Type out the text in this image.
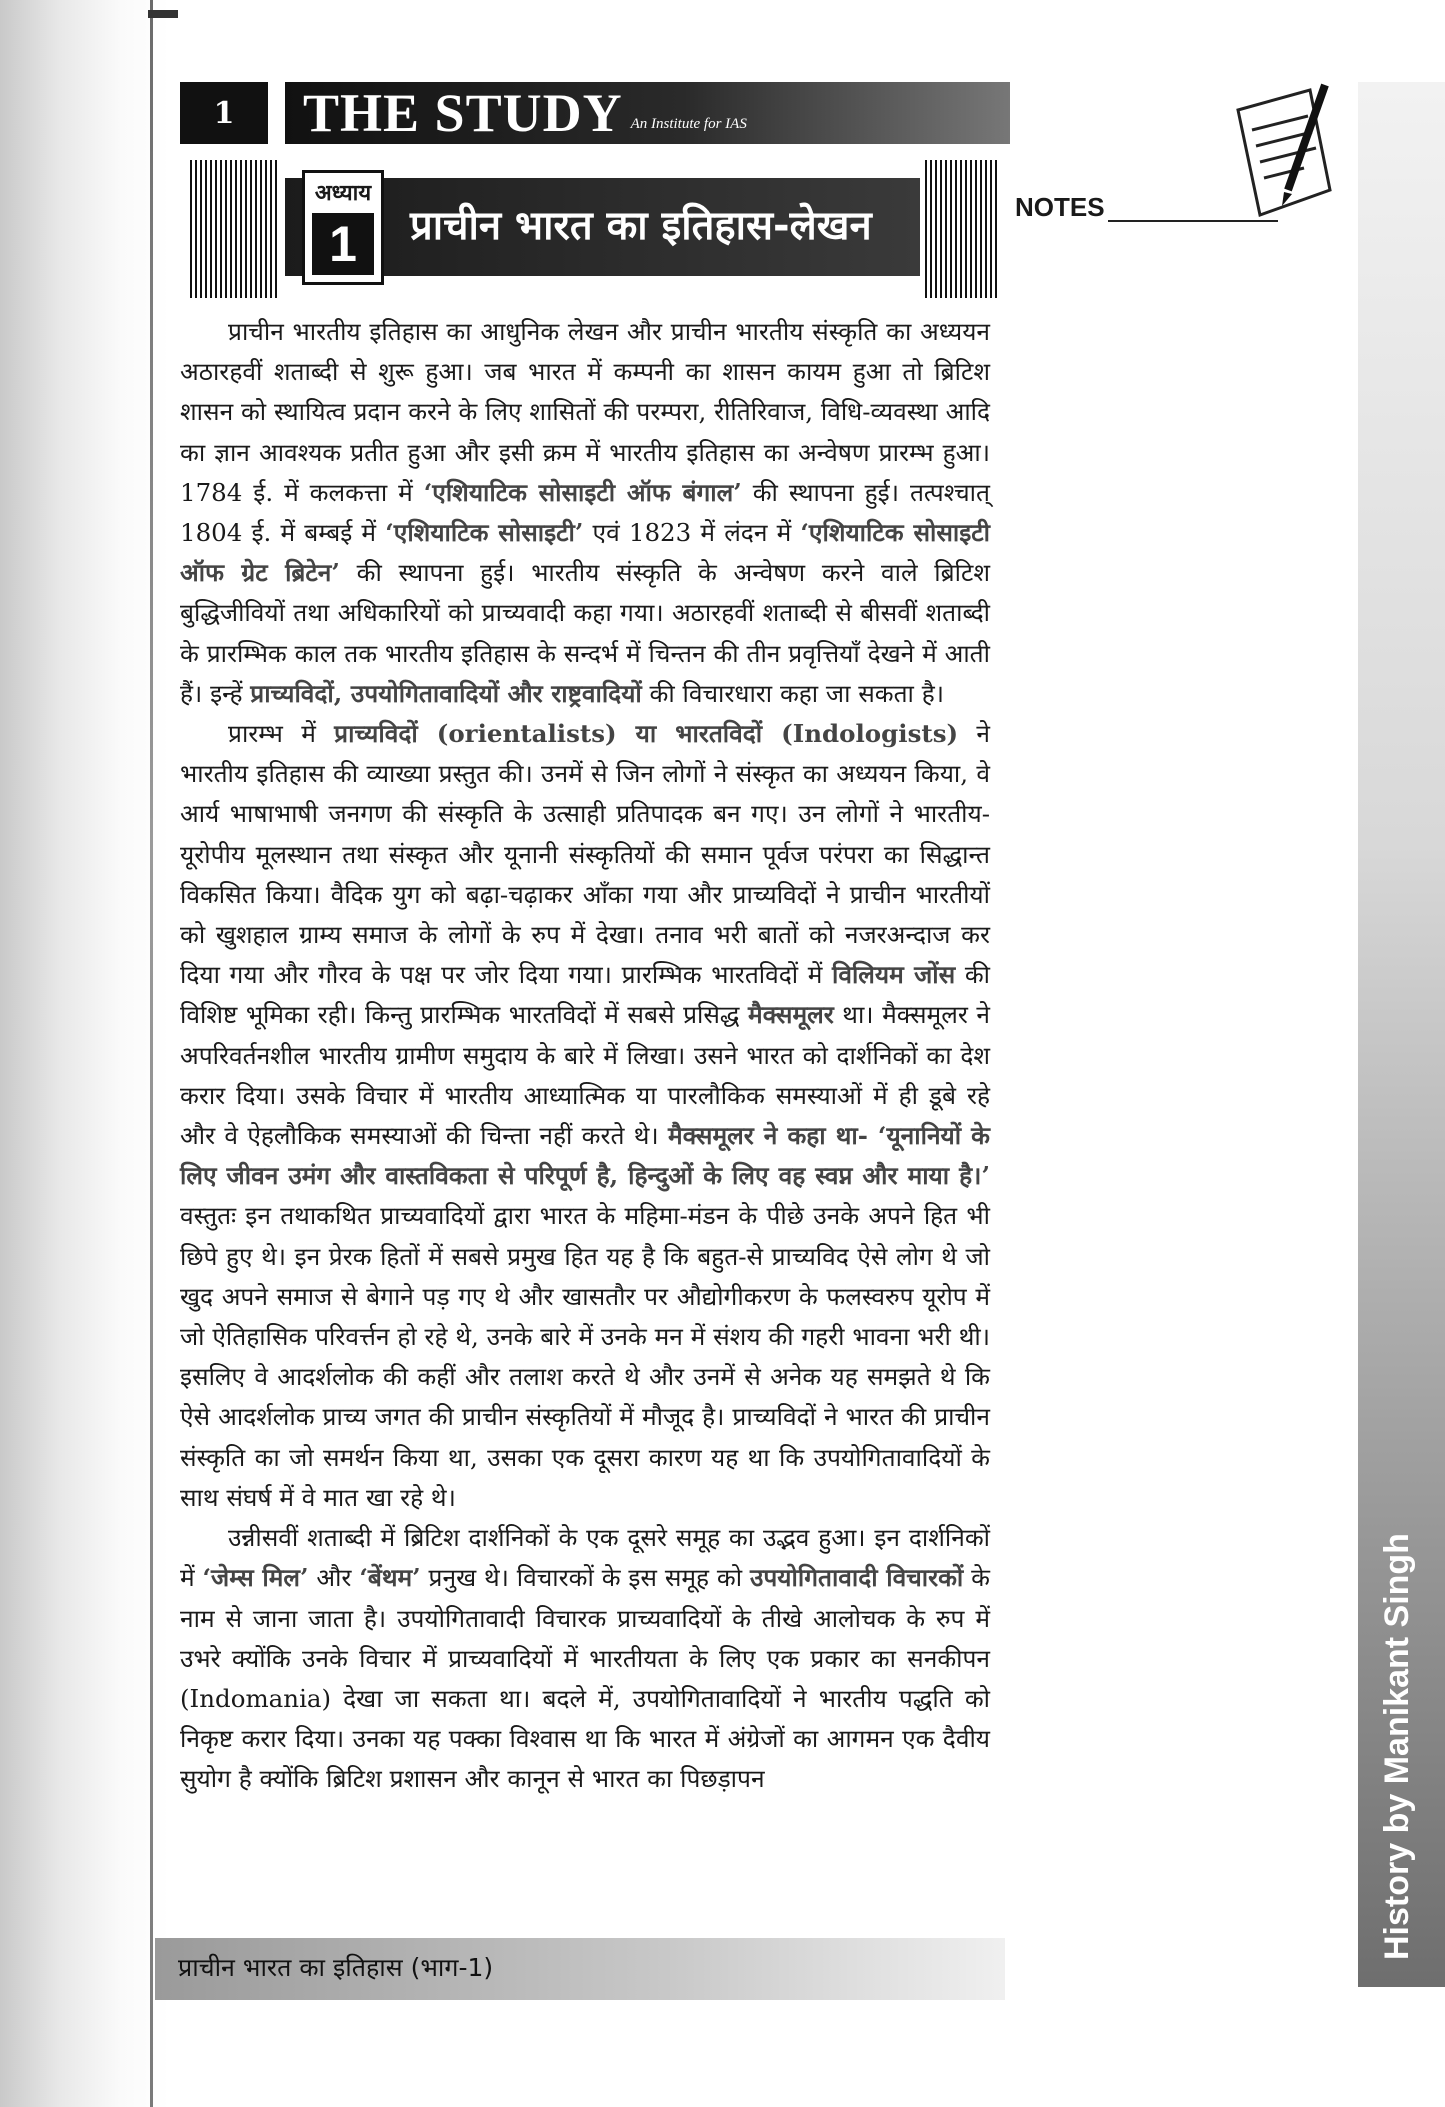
1	THE STUDY An Institute for IAS
अध्याय
1	प्राचीन भारत का इतिहास-लेखन	NOTES

प्राचीन भारतीय इतिहास का आधुनिक लेखन और प्राचीन भारतीय संस्कृति का अध्ययन अठारहवीं शताब्दी से शुरू हुआ। जब भारत में कम्पनी का शासन कायम हुआ तो ब्रिटिश शासन को स्थायित्व प्रदान करने के लिए शासितों की परम्परा, रीतिरिवाज, विधि-व्यवस्था आदि का ज्ञान आवश्यक प्रतीत हुआ और इसी क्रम में भारतीय इतिहास का अन्वेषण प्रारम्भ हुआ। 1784 ई. में कलकत्ता में ‘एशियाटिक सोसाइटी ऑफ बंगाल’ की स्थापना हुई। तत्पश्चात् 1804 ई. में बम्बई में ‘एशियाटिक सोसाइटी’ एवं 1823 में लंदन में ‘एशियाटिक सोसाइटी ऑफ ग्रेट ब्रिटेन’ की स्थापना हुई। भारतीय संस्कृति के अन्वेषण करने वाले ब्रिटिश बुद्धिजीवियों तथा अधिकारियों को प्राच्यवादी कहा गया। अठारहवीं शताब्दी से बीसवीं शताब्दी के प्रारम्भिक काल तक भारतीय इतिहास के सन्दर्भ में चिन्तन की तीन प्रवृत्तियाँ देखने में आती हैं। इन्हें प्राच्यविदों, उपयोगितावादियों और राष्ट्रवादियों की विचारधारा कहा जा सकता है।

प्रारम्भ में प्राच्यविदों (orientalists) या भारतविदों (Indologists) ने भारतीय इतिहास की व्याख्या प्रस्तुत की। उनमें से जिन लोगों ने संस्कृत का अध्ययन किया, वे आर्य भाषाभाषी जनगण की संस्कृति के उत्साही प्रतिपादक बन गए। उन लोगों ने भारतीय-यूरोपीय मूलस्थान तथा संस्कृत और यूनानी संस्कृतियों की समान पूर्वज परंपरा का सिद्धान्त विकसित किया। वैदिक युग को बढ़ा-चढ़ाकर आँका गया और प्राच्यविदों ने प्राचीन भारतीयों को खुशहाल ग्राम्य समाज के लोगों के रुप में देखा। तनाव भरी बातों को नजरअन्दाज कर दिया गया और गौरव के पक्ष पर जोर दिया गया। प्रारम्भिक भारतविदों में विलियम जोंस की विशिष्ट भूमिका रही। किन्तु प्रारम्भिक भारतविदों में सबसे प्रसिद्ध मैक्समूलर था। मैक्समूलर ने अपरिवर्तनशील भारतीय ग्रामीण समुदाय के बारे में लिखा। उसने भारत को दार्शनिकों का देश करार दिया। उसके विचार में भारतीय आध्यात्मिक या पारलौकिक समस्याओं में ही डूबे रहे और वे ऐहलौकिक समस्याओं की चिन्ता नहीं करते थे। मैक्समूलर ने कहा था- ‘यूनानियों के लिए जीवन उमंग और वास्तविकता से परिपूर्ण है, हिन्दुओं के लिए वह स्वप्न और माया है।’ वस्तुतः इन तथाकथित प्राच्यवादियों द्वारा भारत के महिमा-मंडन के पीछे उनके अपने हित भी छिपे हुए थे। इन प्रेरक हितों में सबसे प्रमुख हित यह है कि बहुत-से प्राच्यविद ऐसे लोग थे जो खुद अपने समाज से बेगाने पड़ गए थे और खासतौर पर औद्योगीकरण के फलस्वरुप यूरोप में जो ऐतिहासिक परिवर्त्तन हो रहे थे, उनके बारे में उनके मन में संशय की गहरी भावना भरी थी। इसलिए वे आदर्शलोक की कहीं और तलाश करते थे और उनमें से अनेक यह समझते थे कि ऐसे आदर्शलोक प्राच्य जगत की प्राचीन संस्कृतियों में मौजूद है। प्राच्यविदों ने भारत की प्राचीन संस्कृति का जो समर्थन किया था, उसका एक दूसरा कारण यह था कि उपयोगितावादियों के साथ संघर्ष में वे मात खा रहे थे।

उन्नीसवीं शताब्दी में ब्रिटिश दार्शनिकों के एक दूसरे समूह का उद्भव हुआ। इन दार्शनिकों में ‘जेम्स मिल’ और ‘बेंथम’ प्रनुख थे। विचारकों के इस समूह को उपयोगितावादी विचारकों के नाम से जाना जाता है। उपयोगितावादी विचारक प्राच्यवादियों के तीखे आलोचक के रुप में उभरे क्योंकि उनके विचार में प्राच्यवादियों में भारतीयता के लिए एक प्रकार का सनकीपन (Indomania) देखा जा सकता था। बदले में, उपयोगितावादियों ने भारतीय पद्धति को निकृष्ट करार दिया। उनका यह पक्का विश्वास था कि भारत में अंग्रेजों का आगमन एक दैवीय सुयोग है क्योंकि ब्रिटिश प्रशासन और कानून से भारत का पिछड़ापन

प्राचीन भारत का इतिहास (भाग-1)
History by Manikant Singh
